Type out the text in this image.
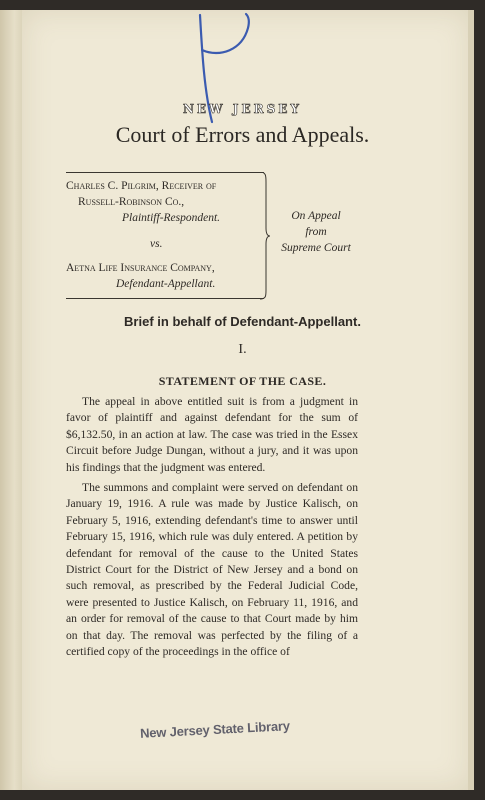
NEW JERSEY
Court of Errors and Appeals.
Charles C. Pilgrim, Receiver of
Russell-Robinson Co.,
Plaintiff-Respondent.
vs.
Aetna Life Insurance Company,
Defendant-Appellant.
On Appeal
from
Supreme Court
Brief in behalf of Defendant-Appellant.
I.
STATEMENT OF THE CASE.

The appeal in above entitled suit is from a judgment in favor of plaintiff and against defendant for the sum of $6,132.50, in an action at law. The case was tried in the Essex Circuit before Judge Dungan, without a jury, and it was upon his findings that the judgment was entered.

The summons and complaint were served on defendant on January 19, 1916. A rule was made by Justice Kalisch, on February 5, 1916, extending defendant's time to answer until February 15, 1916, which rule was duly entered. A petition by defendant for removal of the cause to the United States District Court for the District of New Jersey and a bond on such removal, as prescribed by the Federal Judicial Code, were presented to Justice Kalisch, on February 11, 1916, and an order for removal of the cause to that Court made by him on that day. The removal was perfected by the filing of a certified copy of the proceedings in the office of

New Jersey State Library
